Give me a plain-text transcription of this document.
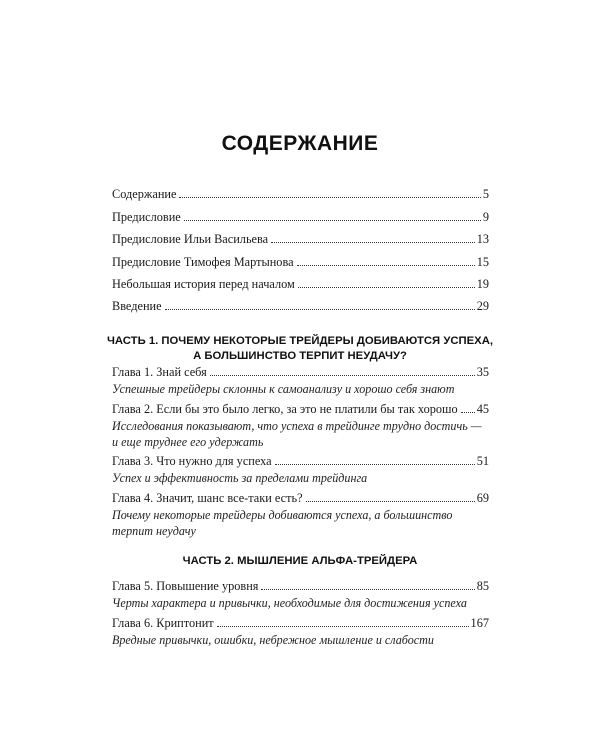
СОДЕРЖАНИЕ
Содержание	5
Предисловие	9
Предисловие Ильи Васильева	13
Предисловие Тимофея Мартынова	15
Небольшая история перед началом	19
Введение	29
ЧАСТЬ 1. ПОЧЕМУ НЕКОТОРЫЕ ТРЕЙДЕРЫ ДОБИВАЮТСЯ УСПЕХА,
А БОЛЬШИНСТВО ТЕРПИТ НЕУДАЧУ?
Глава 1. Знай себя	35
Успешные трейдеры склонны к самоанализу и хорошо себя знают
Глава 2. Если бы это было легко, за это не платили бы так хорошо 45
Исследования показывают, что успеха в трейдинге трудно достичь —
и еще труднее его удержать
Глава 3. Что нужно для успеха	51
Успех и эффективность за пределами трейдинга
Глава 4. Значит, шанс все-таки есть?	69
Почему некоторые трейдеры добиваются успеха, а большинство
терпит неудачу
ЧАСТЬ 2. МЫШЛЕНИЕ АЛЬФА-ТРЕЙДЕРА
Глава 5. Повышение уровня	85
Черты характера и привычки, необходимые для достижения успеха
Глава 6. Криптонит	167
Вредные привычки, ошибки, небрежное мышление и слабости
